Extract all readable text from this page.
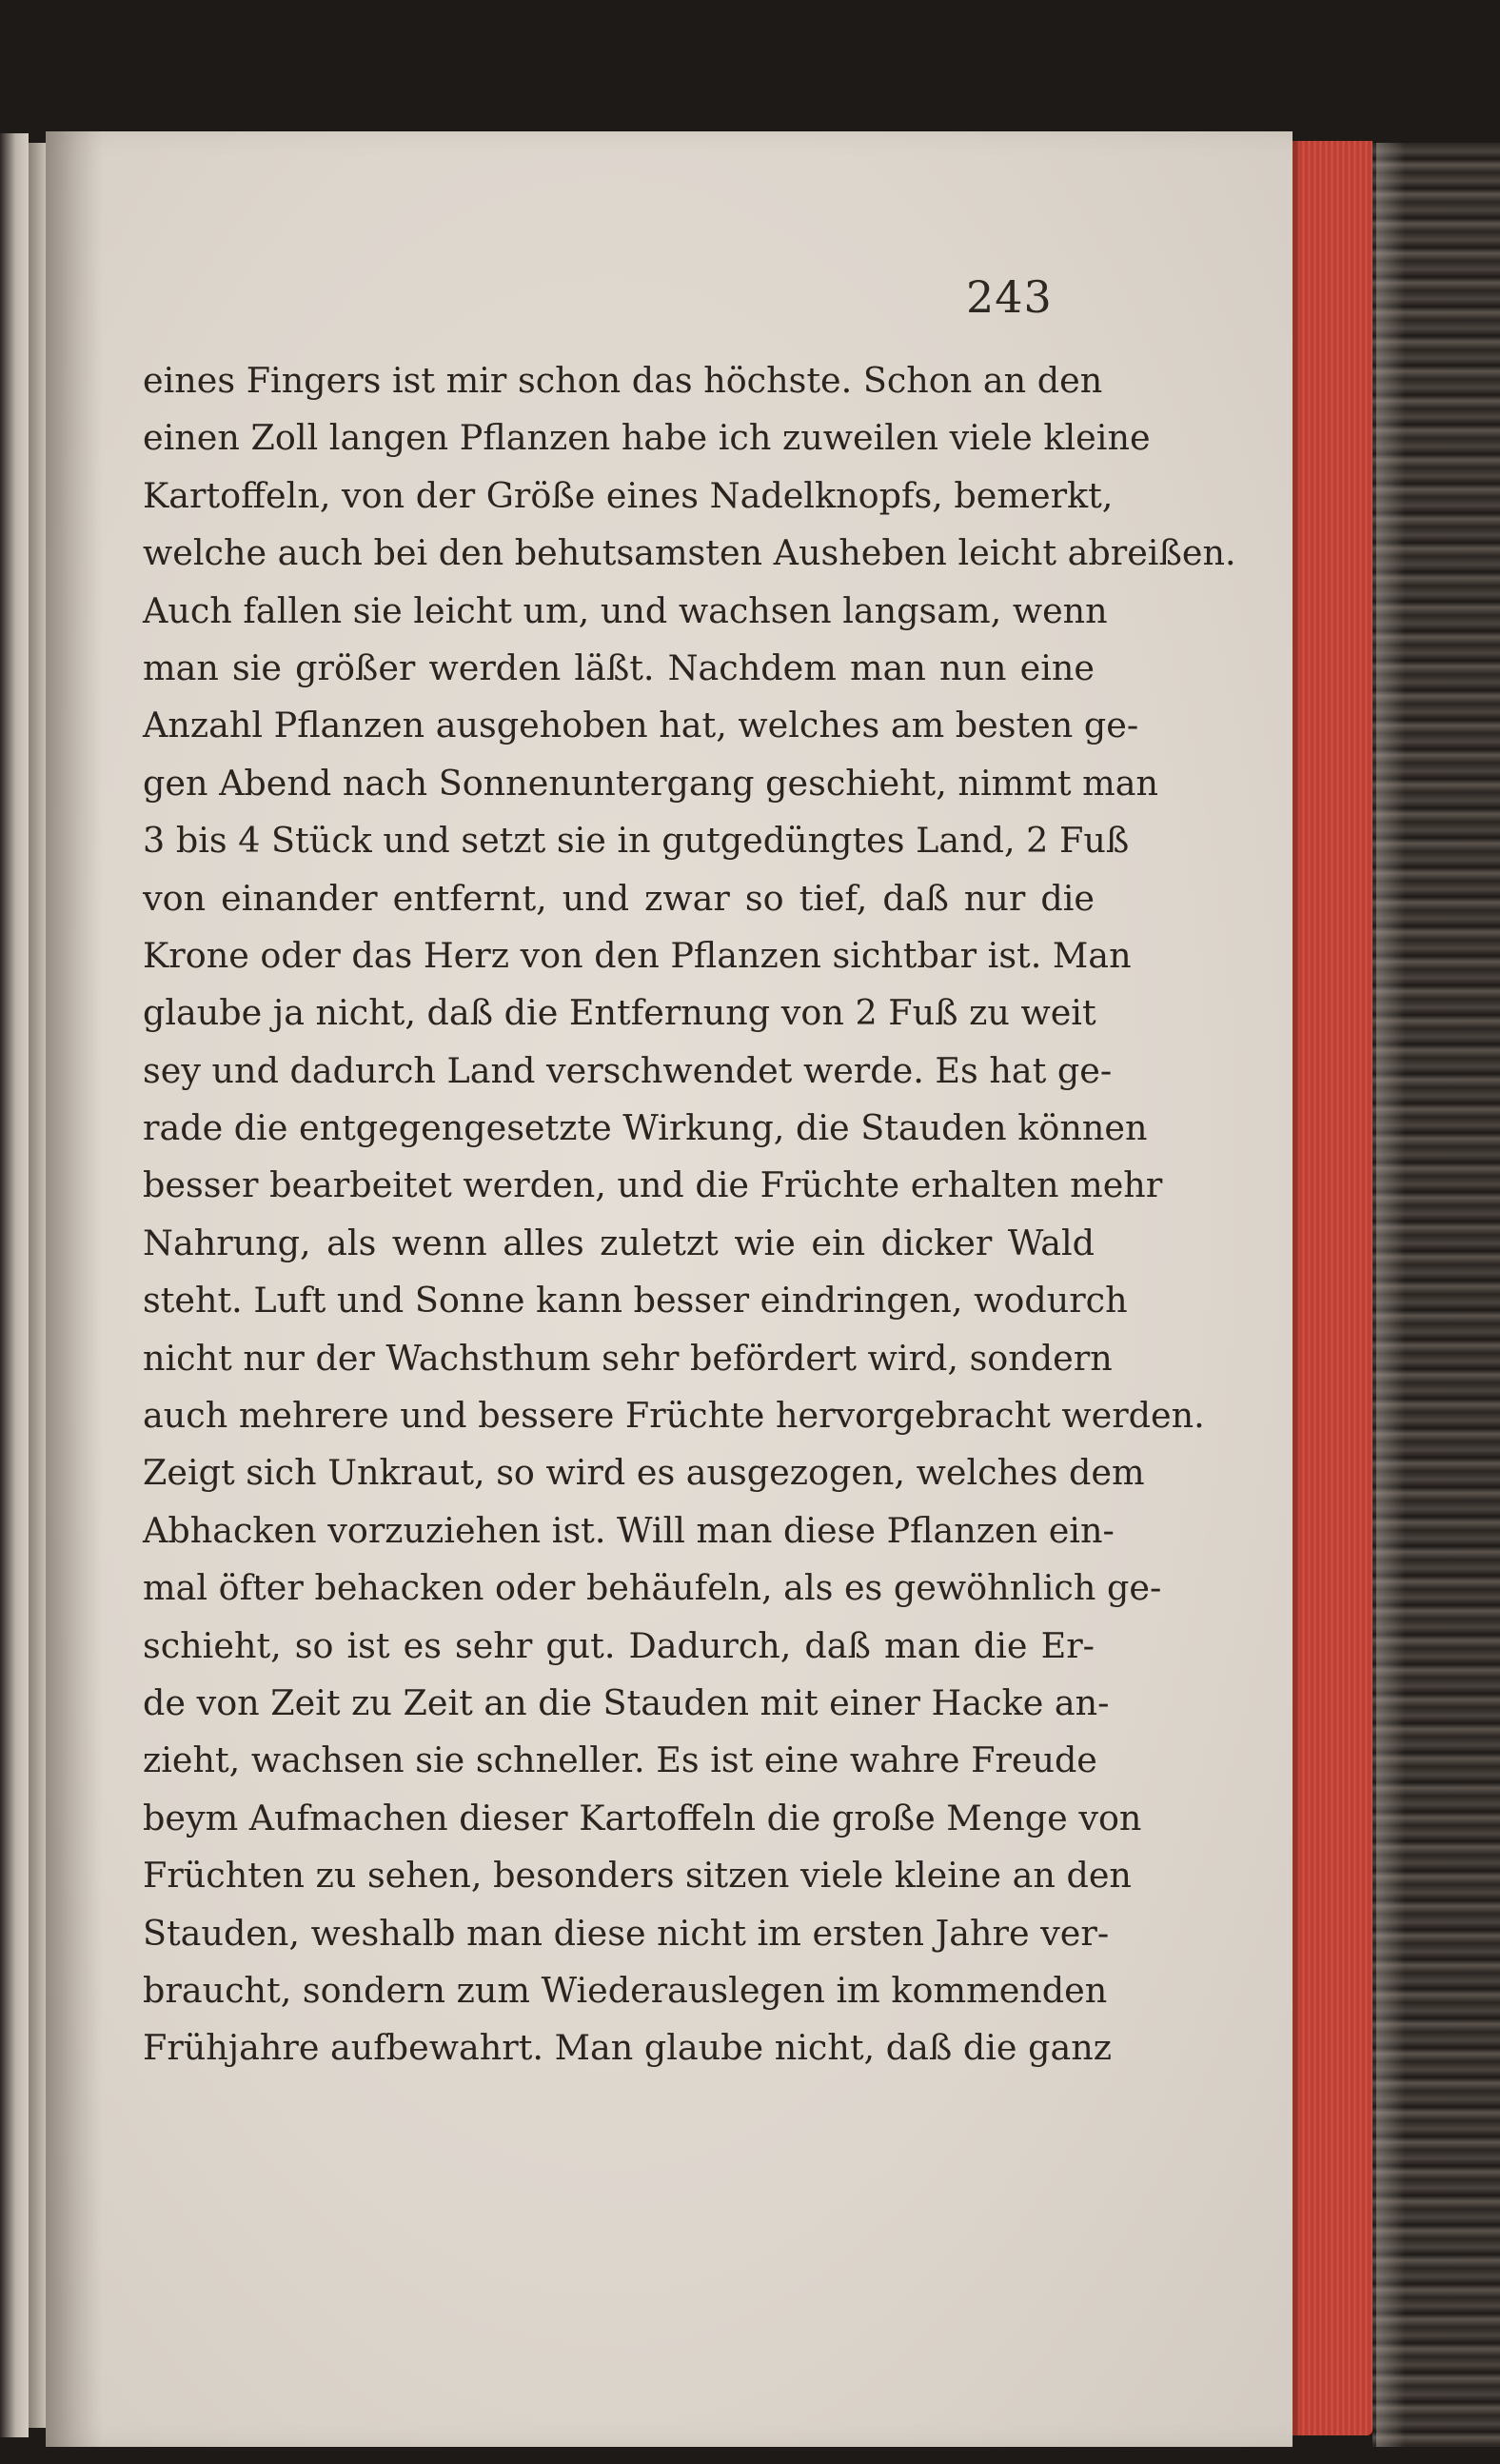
243
eines Fingers ist mir schon das höchste. Schon an den
einen Zoll langen Pflanzen habe ich zuweilen viele kleine
Kartoffeln, von der Größe eines Nadelknopfs, bemerkt,
welche auch bei den behutsamsten Ausheben leicht abreißen.
Auch fallen sie leicht um, und wachsen langsam, wenn
man sie größer werden läßt. Nachdem man nun eine
Anzahl Pflanzen ausgehoben hat, welches am besten ge-
gen Abend nach Sonnenuntergang geschieht, nimmt man
3 bis 4 Stück und setzt sie in gutgedüngtes Land, 2 Fuß
von einander entfernt, und zwar so tief, daß nur die
Krone oder das Herz von den Pflanzen sichtbar ist. Man
glaube ja nicht, daß die Entfernung von 2 Fuß zu weit
sey und dadurch Land verschwendet werde. Es hat ge-
rade die entgegengesetzte Wirkung, die Stauden können
besser bearbeitet werden, und die Früchte erhalten mehr
Nahrung, als wenn alles zuletzt wie ein dicker Wald
steht. Luft und Sonne kann besser eindringen, wodurch
nicht nur der Wachsthum sehr befördert wird, sondern
auch mehrere und bessere Früchte hervorgebracht werden.
Zeigt sich Unkraut, so wird es ausgezogen, welches dem
Abhacken vorzuziehen ist. Will man diese Pflanzen ein-
mal öfter behacken oder behäufeln, als es gewöhnlich ge-
schieht, so ist es sehr gut. Dadurch, daß man die Er-
de von Zeit zu Zeit an die Stauden mit einer Hacke an-
zieht, wachsen sie schneller. Es ist eine wahre Freude
beym Aufmachen dieser Kartoffeln die große Menge von
Früchten zu sehen, besonders sitzen viele kleine an den
Stauden, weshalb man diese nicht im ersten Jahre ver-
braucht, sondern zum Wiederauslegen im kommenden
Frühjahre aufbewahrt. Man glaube nicht, daß die ganz
